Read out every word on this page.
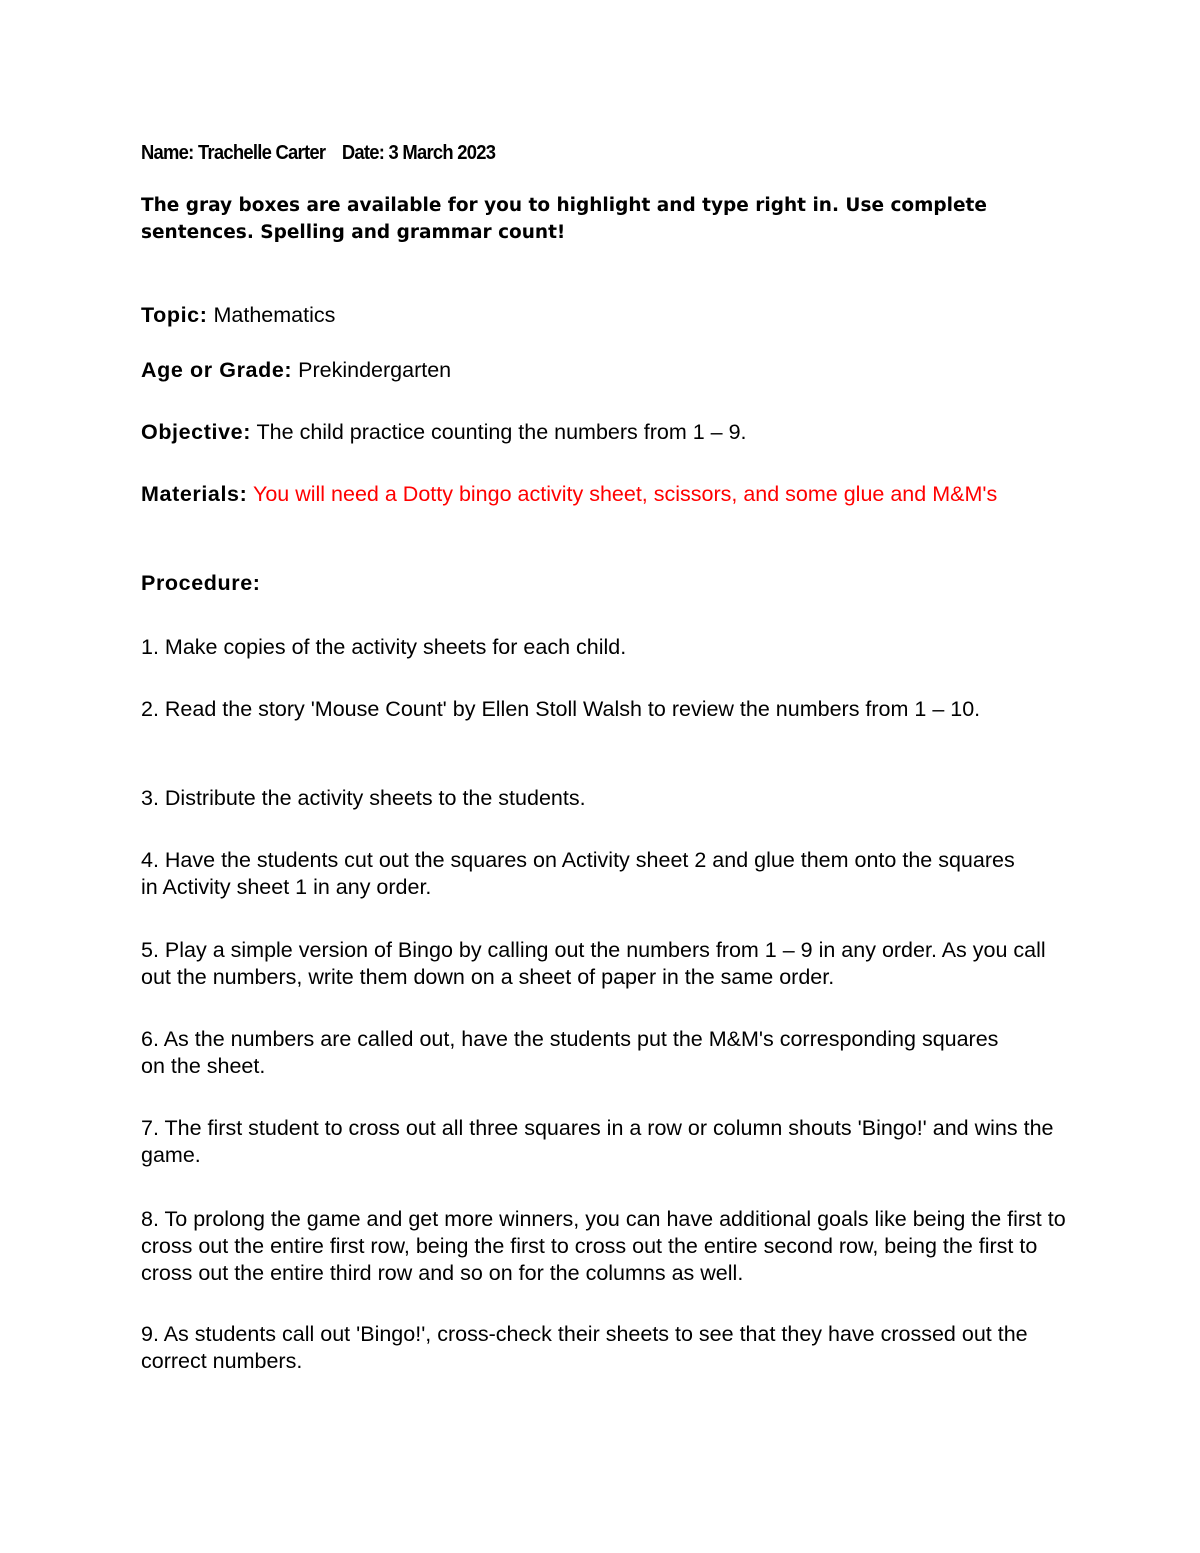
Name: Trachelle Carter Date: 3 March 2023
The gray boxes are available for you to highlight and type right in. Use complete sentences. Spelling and grammar count!
Topic: Mathematics
Age or Grade: Prekindergarten
Objective: The child practice counting the numbers from 1 – 9.
Materials: You will need a Dotty bingo activity sheet, scissors, and some glue and M&M's
Procedure:
1. Make copies of the activity sheets for each child.
2. Read the story 'Mouse Count' by Ellen Stoll Walsh to review the numbers from 1 – 10.
3. Distribute the activity sheets to the students.
4. Have the students cut out the squares on Activity sheet 2 and glue them onto the squares in Activity sheet 1 in any order.
5. Play a simple version of Bingo by calling out the numbers from 1 – 9 in any order. As you call out the numbers, write them down on a sheet of paper in the same order.
6. As the numbers are called out, have the students put the M&M's corresponding squares on the sheet.
7. The first student to cross out all three squares in a row or column shouts 'Bingo!' and wins the game.
8. To prolong the game and get more winners, you can have additional goals like being the first to cross out the entire first row, being the first to cross out the entire second row, being the first to cross out the entire third row and so on for the columns as well.
9. As students call out 'Bingo!', cross-check their sheets to see that they have crossed out the correct numbers.
